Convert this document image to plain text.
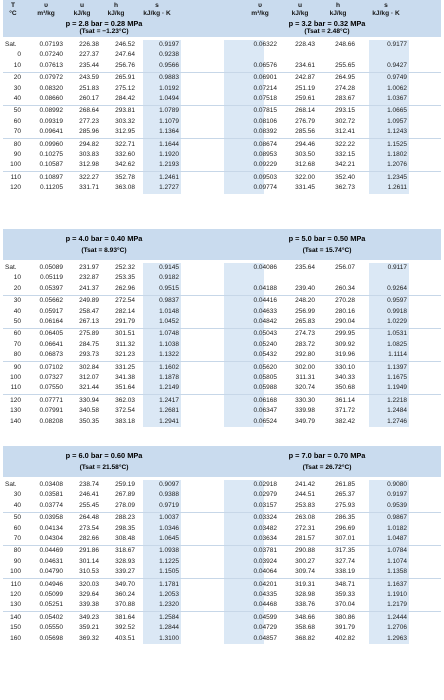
T
°C
υ
m³/kg
u
kJ/kg
h
kJ/kg
s
kJ/kg · K
p = 2.8 bar = 0.28 MPa
(Tsat = −1.23°C)
υ
m³/kg
u
kJ/kg
h
kJ/kg
s
kJ/kg · K
p = 3.2 bar = 0.32 MPa
(Tsat = 2.48°C)
Sat.	0.07193	226.38	246.52	0.9197
0	0.07240	227.37	247.64	0.9238
10	0.07613	235.44	256.76	0.9566
20	0.07972	243.59	265.91	0.9883
30	0.08320	251.83	275.12	1.0192
40	0.08660	260.17	284.42	1.0494
50	0.08992	268.64	293.81	1.0789
60	0.09319	277.23	303.32	1.1079
70	0.09641	285.96	312.95	1.1364
80	0.09960	294.82	322.71	1.1644
90	0.10275	303.83	332.60	1.1920
100	0.10587	312.98	342.62	1.2193
110	0.10897	322.27	352.78	1.2461
120	0.11205	331.71	363.08	1.2727
0.06322	228.43	248.66	0.9177
0.06576	234.61	255.65	0.9427
0.06901	242.87	264.95	0.9749
0.07214	251.19	274.28	1.0062
0.07518	259.61	283.67	1.0367
0.07815	268.14	293.15	1.0665
0.08106	276.79	302.72	1.0957
0.08392	285.56	312.41	1.1243
0.08674	294.46	322.22	1.1525
0.08953	303.50	332.15	1.1802
0.09229	312.68	342.21	1.2076
0.09503	322.00	352.40	1.2345
0.09774	331.45	362.73	1.2611
p = 4.0 bar = 0.40 MPa
(Tsat = 8.93°C)
p = 5.0 bar = 0.50 MPa
(Tsat = 15.74°C)
Sat.	0.05089	231.97	252.32	0.9145
10	0.05119	232.87	253.35	0.9182
20	0.05397	241.37	262.96	0.9515
30	0.05662	249.89	272.54	0.9837
40	0.05917	258.47	282.14	1.0148
50	0.06164	267.13	291.79	1.0452
60	0.06405	275.89	301.51	1.0748
70	0.06641	284.75	311.32	1.1038
80	0.06873	293.73	321.23	1.1322
90	0.07102	302.84	331.25	1.1602
100	0.07327	312.07	341.38	1.1878
110	0.07550	321.44	351.64	1.2149
120	0.07771	330.94	362.03	1.2417
130	0.07991	340.58	372.54	1.2681
140	0.08208	350.35	383.18	1.2941
0.04086	235.64	256.07	0.9117
0.04188	239.40	260.34	0.9264
0.04416	248.20	270.28	0.9597
0.04633	256.99	280.16	0.9918
0.04842	265.83	290.04	1.0229
0.05043	274.73	299.95	1.0531
0.05240	283.72	309.92	1.0825
0.05432	292.80	319.96	1.1114
0.05620	302.00	330.10	1.1397
0.05805	311.31	340.33	1.1675
0.05988	320.74	350.68	1.1949
0.06168	330.30	361.14	1.2218
0.06347	339.98	371.72	1.2484
0.06524	349.79	382.42	1.2746
p = 6.0 bar = 0.60 MPa
(Tsat = 21.58°C)
p = 7.0 bar = 0.70 MPa
(Tsat = 26.72°C)
Sat.	0.03408	238.74	259.19	0.9097
30	0.03581	246.41	267.89	0.9388
40	0.03774	255.45	278.09	0.9719
50	0.03958	264.48	288.23	1.0037
60	0.04134	273.54	298.35	1.0346
70	0.04304	282.66	308.48	1.0645
80	0.04469	291.86	318.67	1.0938
90	0.04631	301.14	328.93	1.1225
100	0.04790	310.53	339.27	1.1505
110	0.04946	320.03	349.70	1.1781
120	0.05099	329.64	360.24	1.2053
130	0.05251	339.38	370.88	1.2320
140	0.05402	349.23	381.64	1.2584
150	0.05550	359.21	392.52	1.2844
160	0.05698	369.32	403.51	1.3100
0.02918	241.42	261.85	0.9080
0.02979	244.51	265.37	0.9197
0.03157	253.83	275.93	0.9539
0.03324	263.08	286.35	0.9867
0.03482	272.31	296.69	1.0182
0.03634	281.57	307.01	1.0487
0.03781	290.88	317.35	1.0784
0.03924	300.27	327.74	1.1074
0.04064	309.74	338.19	1.1358
0.04201	319.31	348.71	1.1637
0.04335	328.98	359.33	1.1910
0.04468	338.76	370.04	1.2179
0.04599	348.66	380.86	1.2444
0.04729	358.68	391.79	1.2706
0.04857	368.82	402.82	1.2963
